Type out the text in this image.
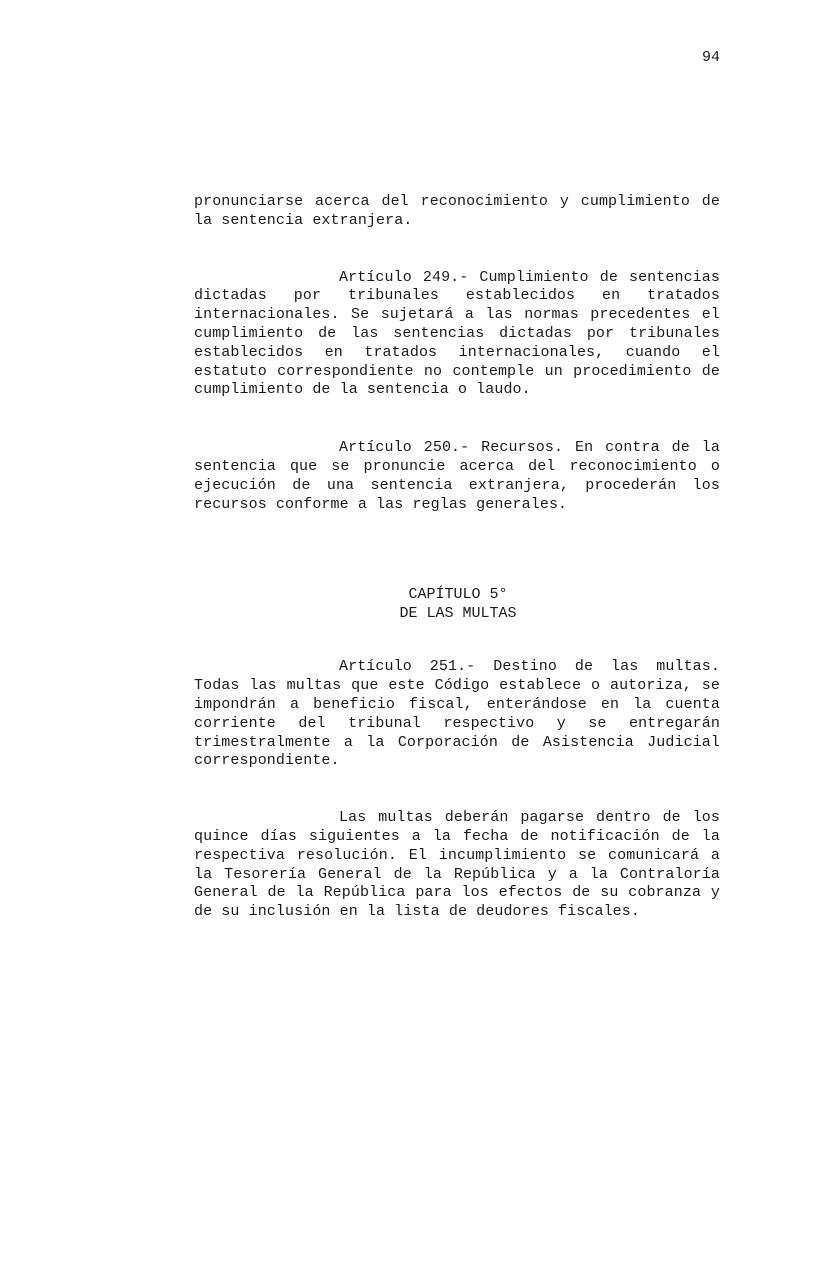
94

pronunciarse acerca del reconocimiento y cumplimiento de la sentencia extranjera.

Artículo 249.- Cumplimiento de sentencias dictadas por tribunales establecidos en tratados internacionales. Se sujetará a las normas precedentes el cumplimiento de las sentencias dictadas por tribunales establecidos en tratados internacionales, cuando el estatuto correspondiente no contemple un procedimiento de cumplimiento de la sentencia o laudo.

Artículo 250.- Recursos. En contra de la sentencia que se pronuncie acerca del reconocimiento o ejecución de una sentencia extranjera, procederán los recursos conforme a las reglas generales.

CAPÍTULO 5°
DE LAS MULTAS

Artículo 251.- Destino de las multas. Todas las multas que este Código establece o autoriza, se impondrán a beneficio fiscal, enterándose en la cuenta corriente del tribunal respectivo y se entregarán trimestralmente a la Corporación de Asistencia Judicial correspondiente.

Las multas deberán pagarse dentro de los quince días siguientes a la fecha de notificación de la respectiva resolución. El incumplimiento se comunicará a la Tesorería General de la República y a la Contraloría General de la República para los efectos de su cobranza y de su inclusión en la lista de deudores fiscales.
